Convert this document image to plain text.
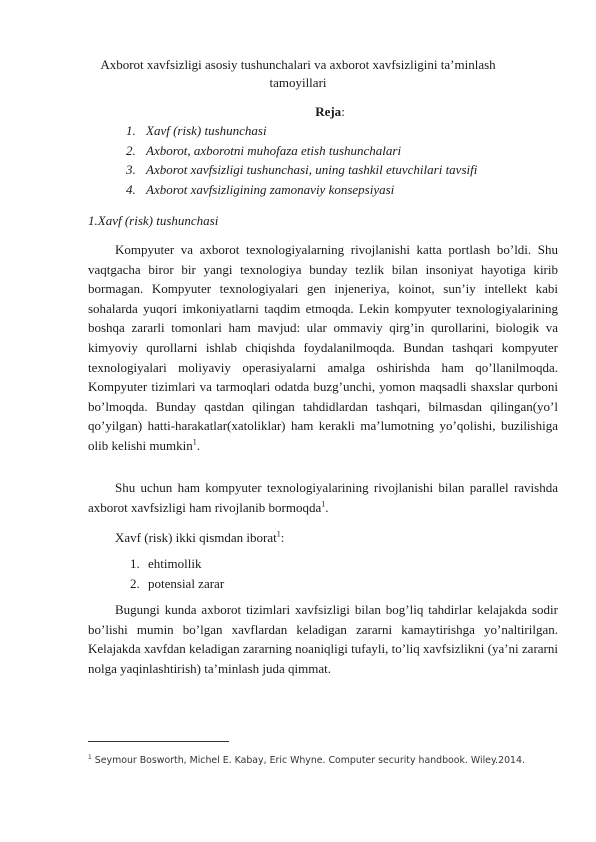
Axborot xavfsizligi asosiy tushunchalari va axborot xavfsizligini ta’minlash tamoyillari
Reja:
1. Xavf (risk) tushunchasi
2. Axborot, axborotni muhofaza etish tushunchalari
3. Axborot xavfsizligi tushunchasi, uning tashkil etuvchilari tavsifi
4. Axborot xavfsizligining zamonaviy konsepsiyasi
1.Xavf (risk) tushunchasi

Kompyuter va axborot texnologiyalarning rivojlanishi katta portlash bo’ldi. Shu vaqtgacha biror bir yangi texnologiya bunday tezlik bilan insoniyat hayotiga kirib bormagan. Kompyuter texnologiyalari gen injeneriya, koinot, sun’iy intellekt kabi sohalarda yuqori imkoniyatlarni taqdim etmoqda. Lekin kompyuter texnologiyalarining boshqa zararli tomonlari ham mavjud: ular ommaviy qirg’in qurollarini, biologik va kimyoviy qurollarni ishlab chiqishda foydalanilmoqda. Bundan tashqari kompyuter texnologiyalari moliyaviy operasiyalarni amalga oshirishda ham qo’llanilmoqda. Kompyuter tizimlari va tarmoqlari odatda buzg’unchi, yomon maqsadli shaxslar qurboni bo’lmoqda. Bunday qastdan qilingan tahdidlardan tashqari, bilmasdan qilingan(yo’l qo’yilgan) hatti-harakatlar(xatoliklar) ham kerakli ma’lumotning yo’qolishi, buzilishiga olib kelishi mumkin$^1$.

Shu uchun ham kompyuter texnologiyalarining rivojlanishi bilan parallel ravishda axborot xavfsizligi ham rivojlanib bormoqda$^1$.

Xavf (risk) ikki qismdan iborat$^1$:

1. ehtimollik
2. potensial zarar

Bugungi kunda axborot tizimlari xavfsizligi bilan bog’liq tahdirlar kelajakda sodir bo’lishi mumin bo’lgan xavflardan keladigan zararni kamaytirishga yo’naltirilgan. Kelajakda xavfdan keladigan zararning noaniqligi tufayli, to’liq xavfsizlikni (ya’ni zararni nolga yaqinlashtirish) ta’minlash juda qimmat.

$^1$ Seymour Bosworth, Michel E. Kabay, Eric Whyne. Computer security handbook. Wiley.2014.
